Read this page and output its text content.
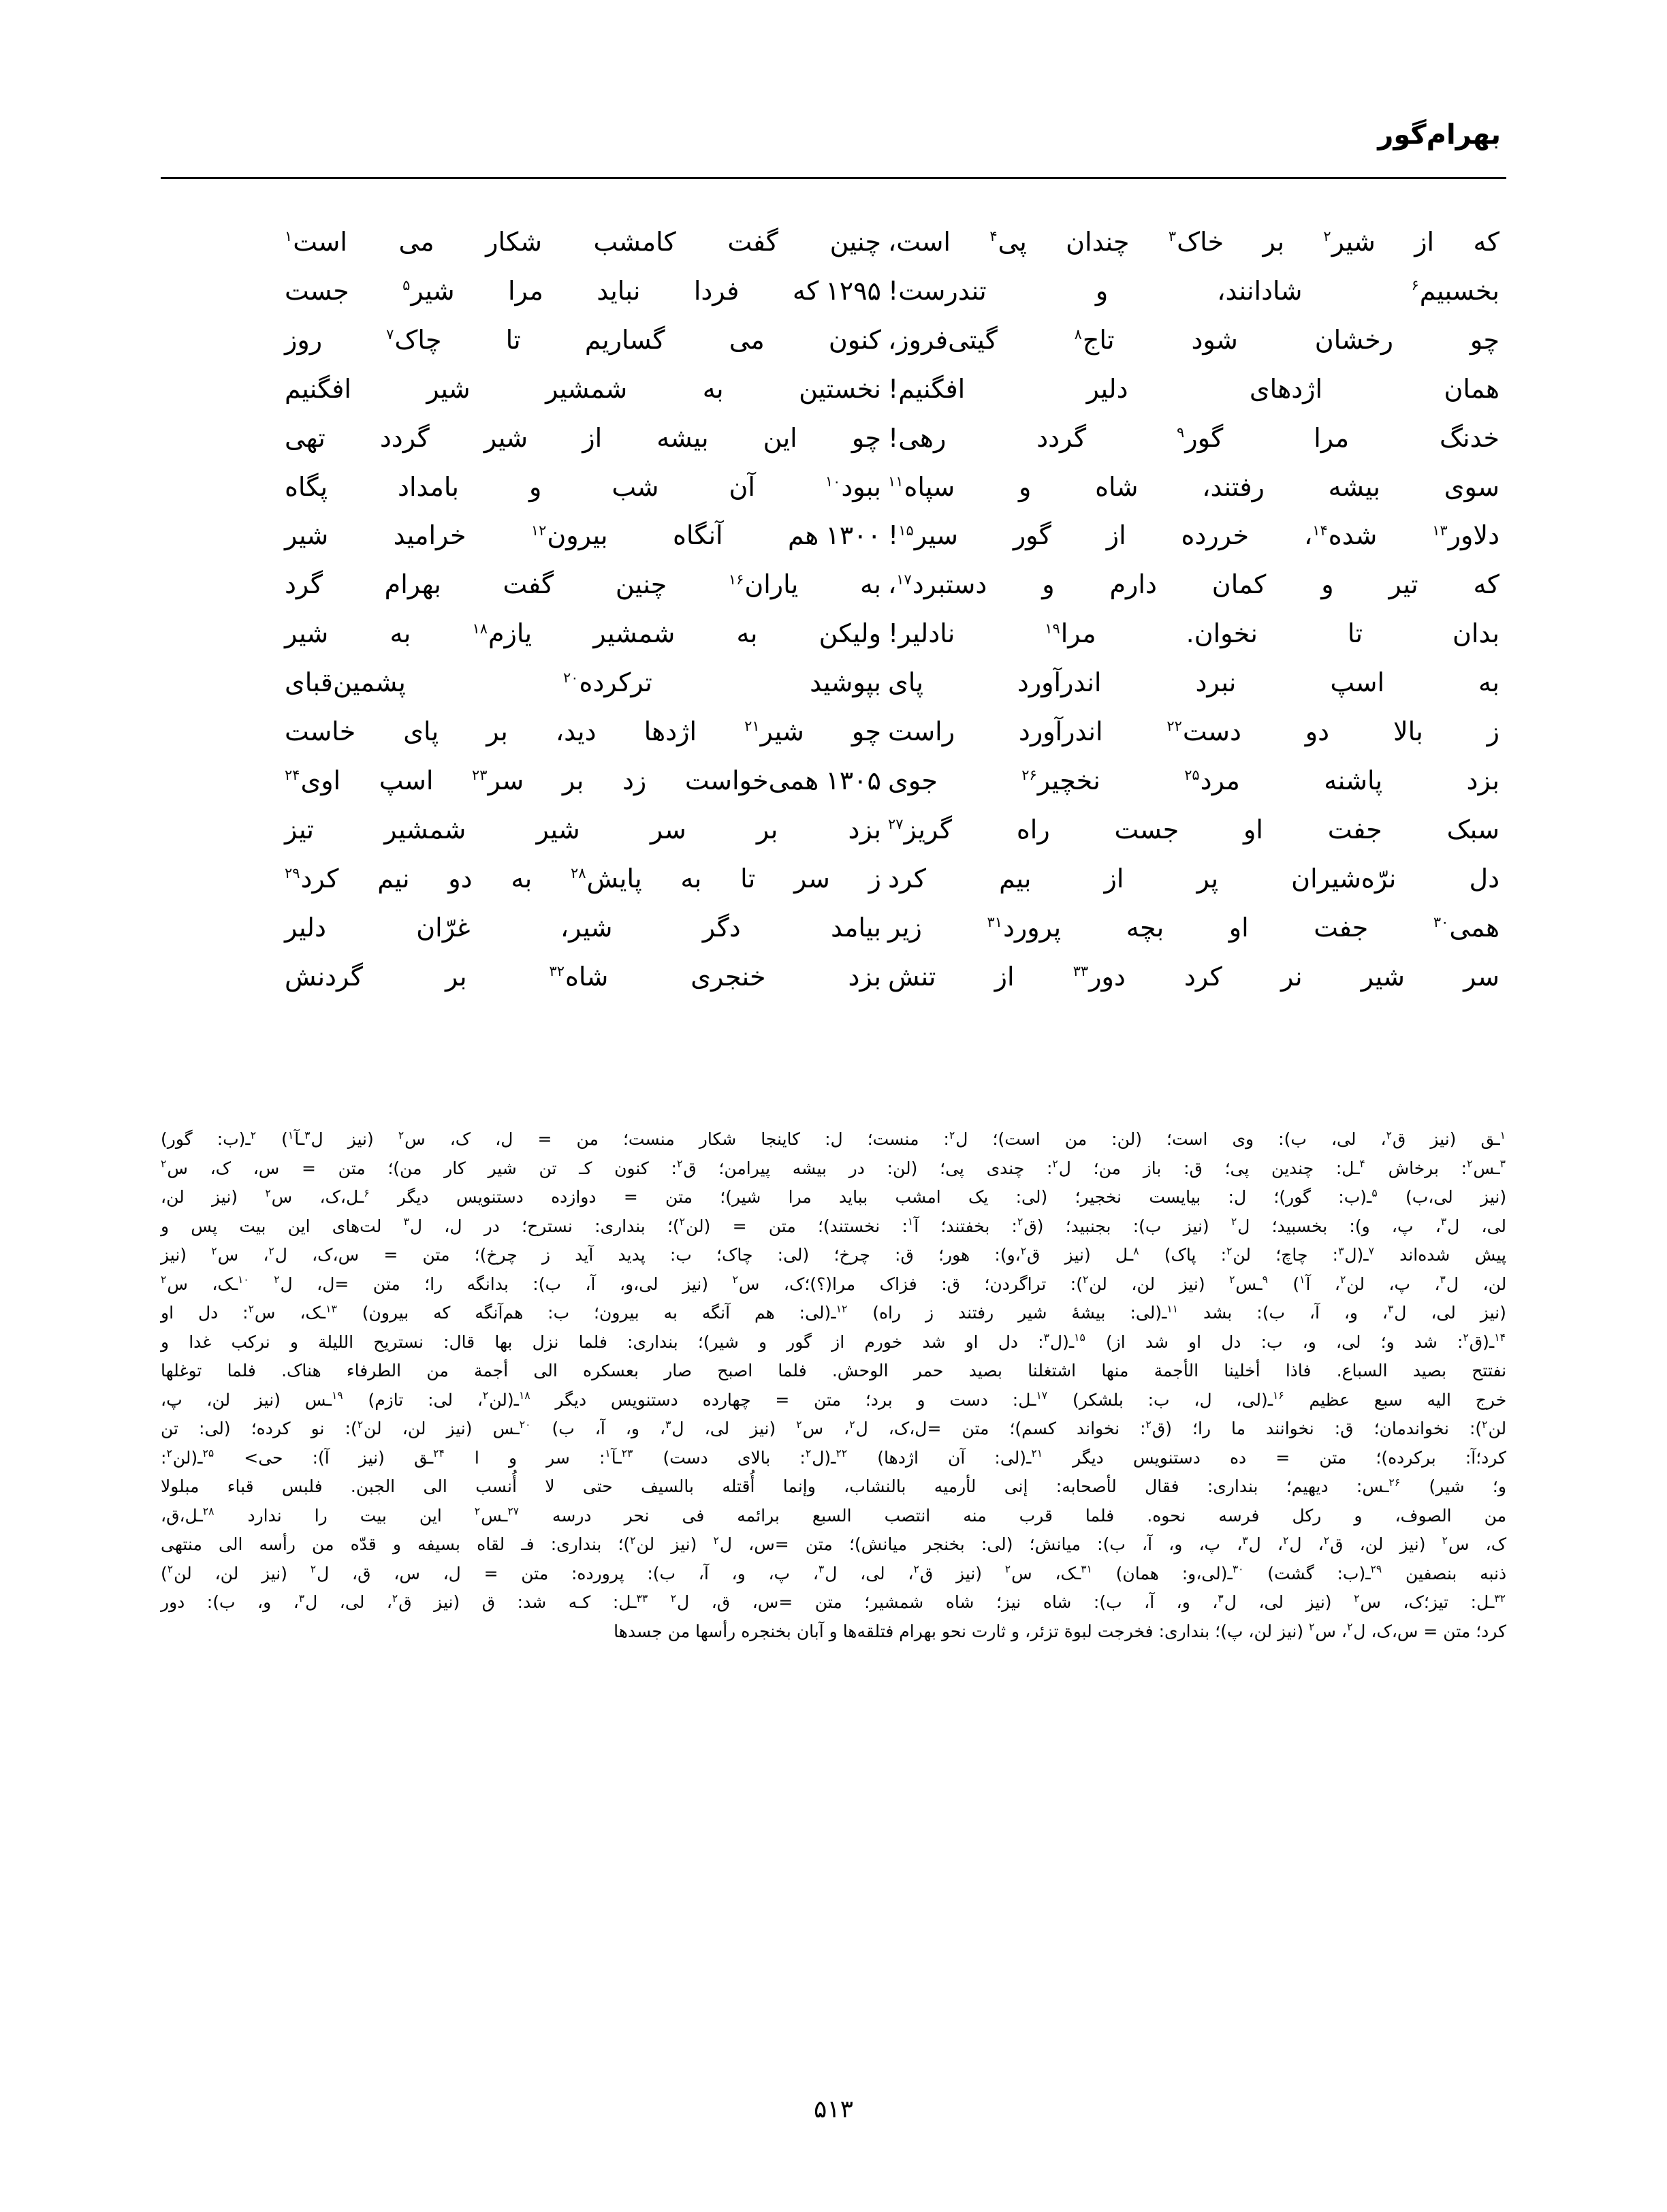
بهرام‌گور
که از شیر$^۲$ بر خاک$^۳$ چندان پی$^۴$ است،
چنین گفت کامشب شکار می است$^۱$
بخسبیم$^۶$ شادانند، و تندرست!
۱۲۹۵که فردا نباید مرا شیر$^۵$ جست
چو رخشان شود تاج$^۸$ گیتی‌فروز،
کنون می گساریم تا چاک$^۷$ روز
همان اژدهای دلیر افگنیم!
نخستین به شمشیر شیر افگنیم
خدنگ مرا گور$^۹$ گردد رهی!
چو این بیشه از شیر گردد تهی
سوی بیشه رفتند، شاه و سپاه$^{۱۱}$
ببود$^{۱۰}$ آن شب و بامداد پگاه
دلاور$^{۱۳}$ شده$^{۱۴}$، خررده از گور سیر$^{۱۵}$!
۱۳۰۰هم آنگاه بیرون$^{۱۲}$ خرامید شیر
که تیر و کمان دارم و دستبرد$^{۱۷}$،
به یاران$^{۱۶}$ چنین گفت بهرام گرد
بدان تا نخوان. مرا$^{۱۹}$ نادلیر!
ولیکن به شمشیر یازم$^{۱۸}$ به شیر
به اسپ نبرد اندرآورد پای
بپوشید ترکرده$^{۲۰}$ پشمین‌قبای
ز بالا دو دست$^{۲۲}$ اندرآورد راست
چو شیر$^{۲۱}$ اژدها دید، بر پای خاست
بزد پاشنه مرد$^{۲۵}$ نخچیر$^{۲۶}$ جوی
۱۳۰۵همی‌خواست زد بر سر$^{۲۳}$ اسپ اوی$^{۲۴}$
سبک جفت او جست راه گریز$^{۲۷}$
بزد بر سر شیر شمشیر تیز
دل نرّه‌شیران پر از بیم کرد
ز سر تا به پایش$^{۲۸}$ به دو نیم کرد$^{۲۹}$
همی$^{۳۰}$ جفت او بچه پرورد$^{۳۱}$ زیر
بیامد دگر شیر، غرّان دلیر
سر شیر نر کرد دور$^{۳۳}$ از تنش
بزد خنجری شاه$^{۳۲}$ بر گردنش
$^۱$ـق (نیز ق$^۲$، لی، ب): وی است؛ (لن: من است)؛ ل$^۲$: منست؛ ل: کاینجا شکار منست؛ من = ل، ک، س$^۲$ (نیز ل$^۳$ـآ$^۱$) $^۲$ـ(ب: گور)
$^۳$ـس$^۲$: برخاش $^۴$ـل: چندین پی؛ ق: باز من؛ ل$^۲$: چندی پی؛ (لن: در بیشه پیرامن؛ ق$^۲$: کنون کـ تن شیر کار من)؛ متن = س، ک، س$^۲$
(نیز لی،ب) $^۵$ـ(ب: گور)؛ ل: بیایست نخجیر؛ (لی: یک امشب بباید مرا شیر)؛ متن = دوازده دستنویس دیگر $^۶$ـل،ک، س$^۲$ (نیز لن،
لی، ل$^۳$، پ، و): بخسبید؛ ل$^۲$ (نیز ب): بجنبید؛ (ق$^۲$: بخفتند؛ آ$^۱$: نخستند)؛ متن = (لن$^۲$)؛ بنداری: نسترح؛ در ل، ل$^۳$ لت‌های این بیت پس و
پیش شده‌اند $^۷$ـ(ل$^۳$: چاچ؛ لن$^۲$: پاک) $^۸$ـل (نیز ق$^۲$،و): هور؛ ق: چرخ؛ (لی: چاک؛ ب: پدید آید ز چرخ)؛ متن = س،ک، ل$^۲$، س$^۲$ (نیز
لن، ل$^۳$، پ، لن$^۲$، آ$^۱$) $^۹$ـس$^۲$ (نیز لن، لن$^۲$): تراگردن؛ ق: فزاک مرا(؟)؛ک، س$^۲$ (نیز لی،و، آ، ب): بدانگه را؛ متن =ل، ل$^۲$ $^{۱۰}$ـک، س$^۲$
(نیز لی، ل$^۳$، و، آ، ب): بشد $^{۱۱}$ـ(لی: بیشهٔ شیر رفتند ز راه) $^{۱۲}$ـ(لی: هم آنگه به بیرون؛ ب: هم‌آنگه که بیرون) $^{۱۳}$ـک، س$^۲$: دل او
$^{۱۴}$ـ(ق$^۲$: شد و؛ لی، و، ب: دل او شد از) $^{۱۵}$ـ(ل$^۳$: دل او شد خورم از گور و شیر)؛ بنداری: فلما نزل بها قال: نستریح اللیلة و نرکب غدا و
نفتتح بصید السباع. فاذا أخلینا الأجمة منها اشتغلنا بصید حمر الوحش. فلما اصبح صار بعسکره الی أجمة من الطرفاء هناک. فلما توغلها
خرج الیه سبع عظیم $^{۱۶}$ـ(لی، ل، ب: بلشکر) $^{۱۷}$ـل: دست و برد؛ متن = چهارده دستنویس دیگر $^{۱۸}$ـ(لن$^۲$، لی: تازم) $^{۱۹}$ـس (نیز لن، پ،
لن$^۲$): نخواندمان؛ ق: نخوانند ما را؛ (ق$^۲$: نخواند کسم)؛ متن =ل،ک، ل$^۲$، س$^۲$ (نیز لی، ل$^۳$، و، آ، ب) $^{۲۰}$ـس (نیز لن، لن$^۲$): نو کرده؛ (لی: تن
کرد؛آ: برکرده)؛ متن = ده دستنویس دیگر $^{۲۱}$ـ(لی: آن اژدها) $^{۲۲}$ـ(ل$^۲$: بالای دست) $^{۲۳}$ـآ$^۱$: سر و ا $^{۲۴}$ـق (نیز آ): حی> $^{۲۵}$ـ(لن$^۲$:
و؛ شیر) $^{۲۶}$ـس: دیهیم؛ بنداری: فقال لأصحابه: إنی لأرمیه بالنشاب، وإنما أُقتله بالسیف حتی لا أُنسب الی الجبن. فلبس قباء مبلولا
من الصوف، و رکل فرسه نحوه. فلما قرب منه انتصب السبع برائمه فی نحر درسه $^{۲۷}$ـس$^۲$ این بیت را ندارد $^{۲۸}$ـل،ق،
ک، س$^۲$ (نیز لن، ق$^۲$، ل$^۲$، ل$^۳$، پ، و، آ، ب): میانش؛ (لی: بخنجر میانش)؛ متن =س، ل$^۲$ (نیز لن$^۲$)؛ بنداری: فـ لقاه بسیفه و قدّه من رأسه الی منتهی
ذنبه بنصفین $^{۲۹}$ـ(ب: گشت) $^{۳۰}$ـ(لی،و: همان) $^{۳۱}$ـک، س$^۲$ (نیز ق$^۲$، لی، ل$^۳$، پ، و، آ، ب): پرورده: متن = ل، س، ق، ل$^۲$ (نیز لن، لن$^۲$)
$^{۳۲}$ـل: تیز؛ک، س$^۲$ (نیز لی، ل$^۳$، و، آ، ب): شاه نیز؛ شاه شمشیر؛ متن =س، ق، ل$^۲$ $^{۳۳}$ـل: کـه شد: ق (نیز ق$^۲$، لی، ل$^۳$، و، ب): دور
کرد؛ متن = س،ک، ل$^۲$، س$^۲$ (نیز لن، پ)؛ بنداری: فخرجت لبوة تزئر، و ثارت نحو بهرام فتلقه‌ها و آبان بخنجره رأسها من جسدها
۵۱۳
